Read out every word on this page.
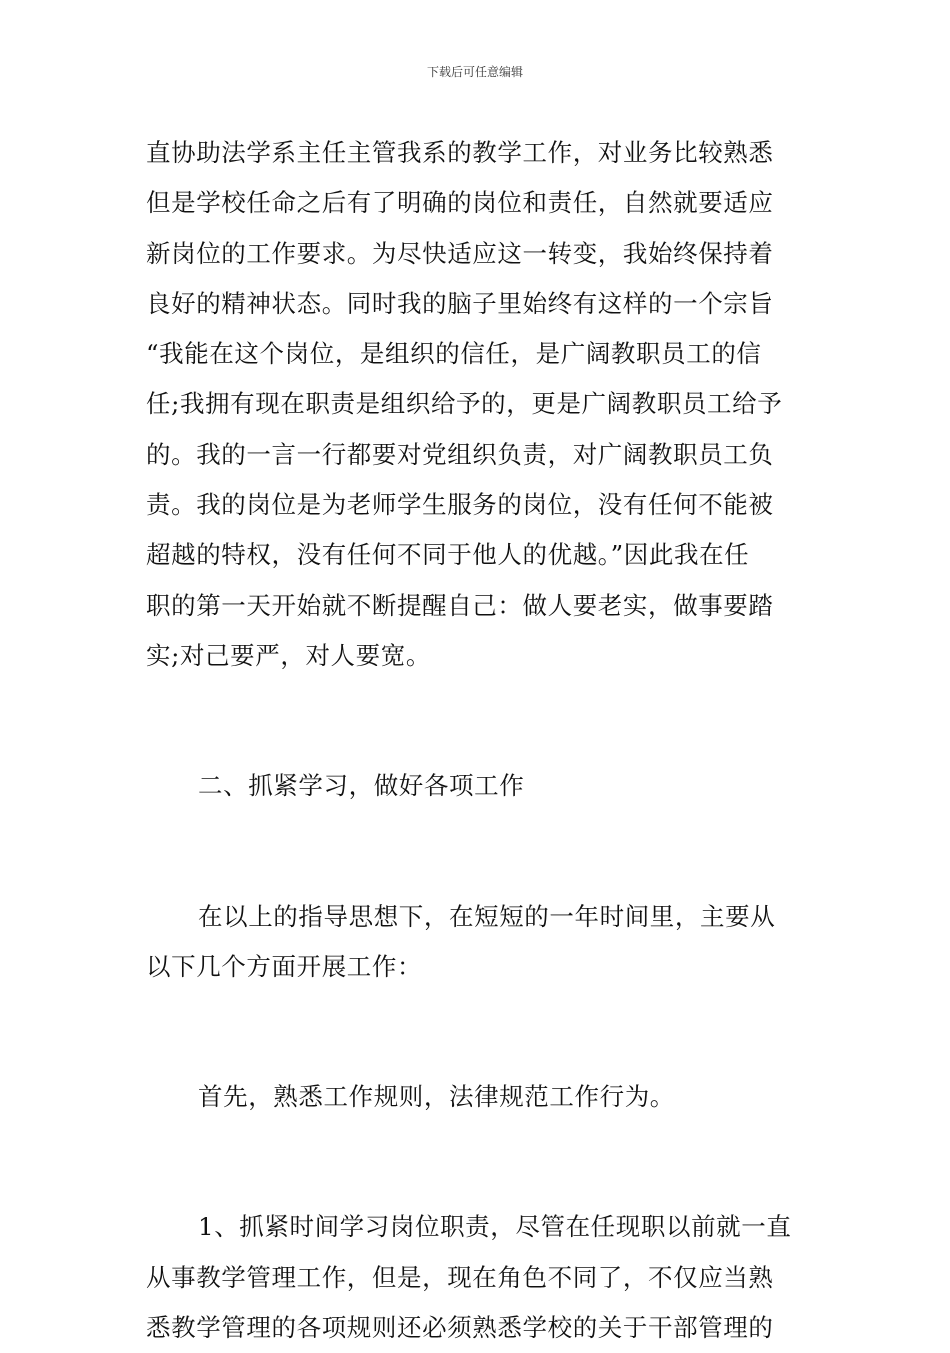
下载后可任意编辑
直协助法学系主任主管我系的教学工作，对业务比较熟悉
但是学校任命之后有了明确的岗位和责任，自然就要适应
新岗位的工作要求。为尽快适应这一转变，我始终保持着
良好的精神状态。同时我的脑子里始终有这样的一个宗旨
“我能在这个岗位，是组织的信任，是广阔教职员工的信
任;我拥有现在职责是组织给予的，更是广阔教职员工给予
的。我的一言一行都要对党组织负责，对广阔教职员工负
责。我的岗位是为老师学生服务的岗位，没有任何不能被
超越的特权，没有任何不同于他人的优越。”因此我在任
职的第一天开始就不断提醒自己：做人要老实，做事要踏
实;对己要严，对人要宽。
二、抓紧学习，做好各项工作
在以上的指导思想下，在短短的一年时间里，主要从
以下几个方面开展工作：
首先，熟悉工作规则，法律规范工作行为。
1、抓紧时间学习岗位职责，尽管在任现职以前就一直
从事教学管理工作，但是，现在角色不同了，不仅应当熟
悉教学管理的各项规则还必须熟悉学校的关于干部管理的
